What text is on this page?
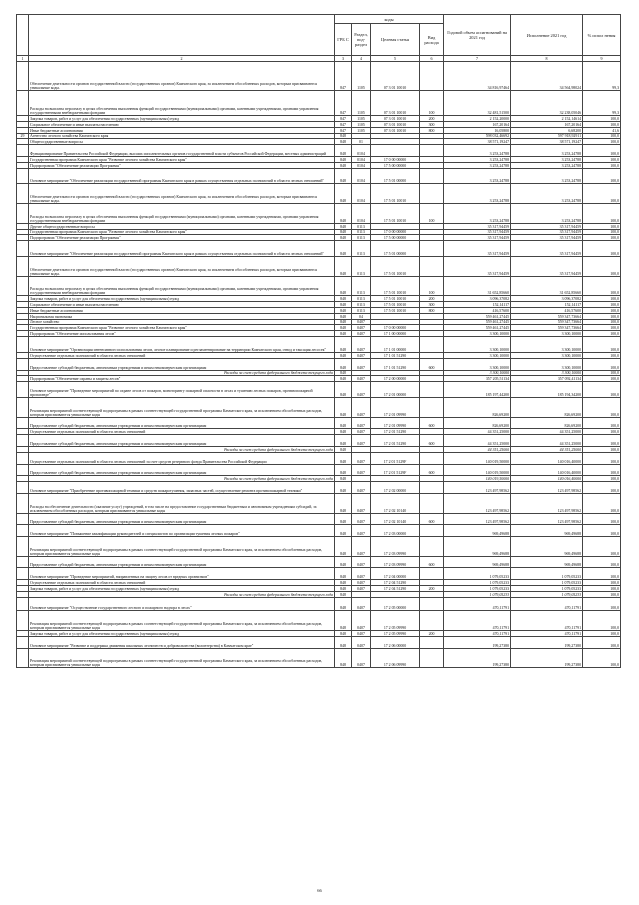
		коды				Годовой объем ассигнований на 2021 год	Исполнение 2021 год	% испол нения
		ГРБ С	Раздел, под-раздел	Целевая статья	Вид расхода			
1	2	3	4	5	6	7	8	9
	Обеспечение деятельности органов государственной власти (государственных органов) Камчатского края, за исключением обособленных расходов, которым присваиваются уникальные коды.	847	1105	07 3 01 10010		34 816,97464	34 564,98024	99,3
	Расходы на выплаты персоналу в целях обеспечения выполнения функций государственными (муниципальными) органами, казенными учреждениями, органами управления государственными внебюджетными фондами	847	1105	07 3 01 10010	100	32 481,51500	32 238,05046	99,3
	Закупка товаров, работ и услуг для обеспечения государственных (муниципальных) нужд	847	1105	07 3 01 10010	200	2 152,20000	2 152,14614	100,0
	Социальное обеспечение и иные выплаты населению	847	1105	07 3 01 10010	300	167,20164	167,20164	100,0
	Иные бюджетные ассигнования	847	1105	07 3 01 10010	800	16,05800	6,68200	41,6
29	Агентство лесного хозяйства Камчатского края	848				598 032,46692	597 918,92911	100,0
	Общегосударственные вопросы	848	01			38 571,19247	38 571,19247	100,0
	Функционирование Правительства Российской Федерации, высших исполнительных органов государственной власти субъектов Российской Федерации, местных администраций	848	0104			3 253,24788	3 253,24788	100,0
	Государственная программа Камчатского края "Развитие лесного хозяйства Камчатского края"	848	0104	17 0 00 00000		3 253,24788	3 253,24788	100,0
	Подпрограмма "Обеспечение реализации Программы"	848	0104	17 5 00 00000		3 253,24788	3 253,24788	100,0
	Основное мероприятие "Обеспечение реализации государственной программы Камчатского края в рамках осуществления отдельных полномочий в области лесных отношений"	848	0104	17 5 01 00000		3 253,24788	3 253,24788	100,0
	Обеспечение деятельности органов государственной власти (государственных органов) Камчатского края, за исключением обособленных расходов, которым присваиваются уникальные коды.	848	0104	17 5 01 10010		3 253,24788	3 253,24788	100,0
	Расходы на выплаты персоналу в целях обеспечения выполнения функций государственными (муниципальными) органами, казенными учреждениями, органами управления государственными внебюджетными фондами	848	0104	17 5 01 10010	100	3 253,24788	3 253,24788	100,0
	Другие общегосударственные вопросы	848	0113			35 317,94459	35 317,94459	100,0
	Государственная программа Камчатского края "Развитие лесного хозяйства Камчатского края"	848	0113	17 0 00 00000		35 317,94459	35 317,94459	100,0
	Подпрограмма "Обеспечение реализации Программы"	848	0113	17 5 00 00000		35 317,94459	35 317,94459	100,0
	Основное мероприятие "Обеспечение реализации государственной программы Камчатского края в рамках осуществления отдельных полномочий в области лесных отношений"	848	0113	17 5 01 00000		35 317,94459	35 317,94459	100,0
	Обеспечение деятельности органов государственной власти (государственных органов) Камчатского края, за исключением обособленных расходов, которым присваиваются уникальные коды.	848	0113	17 5 01 10010		35 317,94459	35 317,94459	100,0
	Расходы на выплаты персоналу в целях обеспечения выполнения функций государственными (муниципальными) органами, казенными учреждениями, органами управления государственными внебюджетными фондами	848	0113	17 5 01 10010	100	31 652,85660	31 652,85660	100,0
	Закупка товаров, работ и услуг для обеспечения государственных (муниципальных) нужд	848	0113	17 5 01 10010	200	3 096,37082	3 096,37082	100,0
	Социальное обеспечение и иные выплаты населению	848	0113	17 5 01 10010	300	152,14117	152,14117	100,0
	Иные бюджетные ассигнования	848	0113	17 5 01 10010	800	416,57600	416,57600	100,0
	Национальная экономика	848	04			559 461,27445	559 347,73664	100,0
	Лесное хозяйство	848	0407			559 461,27445	559 347,73664	100,0
	Государственная программа Камчатского края "Развитие лесного хозяйства Камчатского края"	848	0407	17 0 00 00000		559 461,27445	559 347,73664	100,0
	Подпрограмма "Обеспечение использования лесов"	848	0407	17 1 00 00000		3 300,10000	3 300,10000	100,0
	Основное мероприятие "Организация интенсивного использования лесов, лесное планирование и регламентирование на территории Камчатского края, отвод и таксация лесосек"	848	0407	17 1 01 00000		3 300,10000	3 300,10000	100,0
	Осуществление отдельных полномочий в области лесных отношений	848	0407	17 1 01 51290		3 300,10000	3 300,10000	100,0
	Предоставление субсидий бюджетным, автономным учреждениям и иным некоммерческим организациям	848	0407	17 1 01 51290	600	3 300,10000	3 300,10000	100,0
	Расходы за счет средств федерального бюджета текущего года	848				3 300,10000	3 300,10000	100,0
	Подпрограмма "Обеспечение охраны и защиты лесов"	848	0407	17 2 00 00000		357 205,51134	357 092,41134	100,0
	Основное мероприятие "Проведение мероприятий по охране лесов от пожаров, мониторингу пожарной опасности в лесах и тушению лесных пожаров, противопожарной пропаганде"	848	0407	17 2 01 00000		185 197,44200	185 194,34200	100,0
	Реализация мероприятий соответствующей подпрограммы в рамках соответствующей государственной программы Камчатского края, за исключением обособленных расходов, которым присваиваются уникальные коды	848	0407	17 2 01 09990		826,69200	826,69200	100,0
	Предоставление субсидий бюджетным, автономным учреждениям и иным некоммерческим организациям	848	0407	17 2 01 09990	600	826,69200	826,69200	100,0
	Осуществление отдельных полномочий в области лесных отношений	848	0407	17 2 01 51290		44 351,25000	44 351,25000	100,0
	Предоставление субсидий бюджетным, автономным учреждениям и иным некоммерческим организациям	848	0407	17 2 01 51290	600	44 351,25000	44 351,25000	100,0
	Расходы за счет средств федерального бюджета текущего года	848				44 351,25000	44 351,25000	100,0
	Осуществление отдельных полномочий в области лесных отношений за счет средств резервного фонда Правительства Российской Федерации	848	0407	17 2 01 5129F		140 019,50000	140 016,40000	100,0
	Предоставление субсидий бюджетным, автономным учреждениям и иным некоммерческим организациям	848	0407	17 2 01 5129F	600	140 019,50000	140 016,40000	100,0
	Расходы за счет средств федерального бюджета текущего года	848				140 019,50000	140 016,40000	100,0
	Основное мероприятие "Приобретение противопожарной техники и средств пожаротушения, запасных частей, осуществление ремонта противопожарной техники"	848	0407	17 2 02 00000		123 497,98562	123 497,98562	100,0
	Расходы на обеспечение деятельности (оказание услуг) учреждений, в том числе на предоставление государственным бюджетным и автономным учреждениям субсидий, за исключением обособленных расходов, которым присваиваются уникальные коды	848	0407	17 2 02 10140		123 497,98562	123 497,98562	100,0
	Предоставление субсидий бюджетным, автономным учреждениям и иным некоммерческим организациям	848	0407	17 2 02 10140	600	123 497,98562	123 497,98562	100,0
	Основное мероприятие "Повышение квалификации руководителей и специалистов по организации тушения лесных пожаров"	848	0407	17 2 03 00000		969,49688	969,49688	100,0
	Реализация мероприятий соответствующей подпрограммы в рамках соответствующей государственной программы Камчатского края, за исключением обособленных расходов, которым присваиваются уникальные коды	848	0407	17 2 03 09990		969,49688	969,49688	100,0
	Предоставление субсидий бюджетным, автономным учреждениям и иным некоммерческим организациям	848	0407	17 2 03 09990	600	969,49688	969,49688	100,0
	Основное мероприятие "Проведение мероприятий, направленных на защиту лесов от вредных организмов"	848	0407	17 2 04 00000		1 079,05233	1 079,05233	100,0
	Осуществление отдельных полномочий в области лесных отношений	848	0407	17 2 04 51290		1 079,05233	1 079,05233	100,0
	Закупка товаров, работ и услуг для обеспечения государственных (муниципальных) нужд	848	0407	17 2 04 51290	200	1 079,05233	1 079,05233	100,0
	Расходы за счет средств федерального бюджета текущего года	848				1 079,05233	1 079,05233	100,0
	Основное мероприятие "Осуществление государственного лесного и пожарного надзора в лесах"	848	0407	17 2 05 00000		470,11791	470,11791	100,0
	Реализация мероприятий соответствующей подпрограммы в рамках соответствующей государственной программы Камчатского края, за исключением обособленных расходов, которым присваиваются уникальные коды	848	0407	17 2 05 09990		470,11791	470,11791	100,0
	Закупка товаров, работ и услуг для обеспечения государственных (муниципальных) нужд	848	0407	17 2 05 09990	200	470,11791	470,11791	100,0
	Основное мероприятие "Развитие и поддержка движения школьных лесничеств и добровольчества (волонтерства) в Камчатском крае"	848	0407	17 2 06 00000		199,27380	199,27380	100,0
	Реализация мероприятий соответствующей подпрограммы в рамках соответствующей государственной программы Камчатского края, за исключением обособленных расходов, которым присваиваются уникальные коды	848	0407	17 2 06 09990		199,27380	199,27380	100,0
66
